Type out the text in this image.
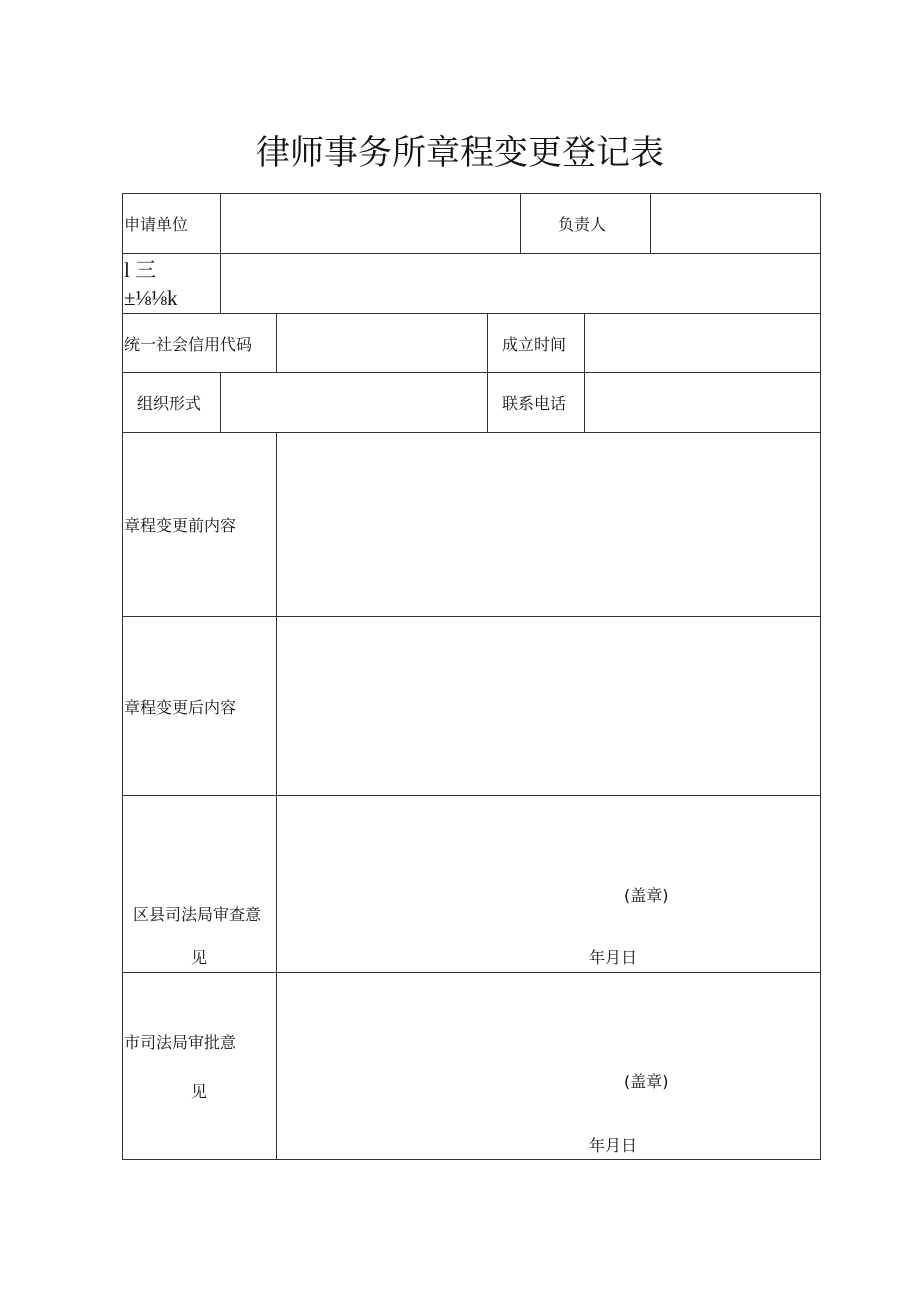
律师事务所章程变更登记表
申请单位	负责人
l 三
±⅛⅛k
统一社会信用代码	成立时间
组织形式	联系电话
章程变更前内容
章程变更后内容
区县司法局审查意
见
(盖章)
年月日
市司法局审批意
见
(盖章)
年月日
